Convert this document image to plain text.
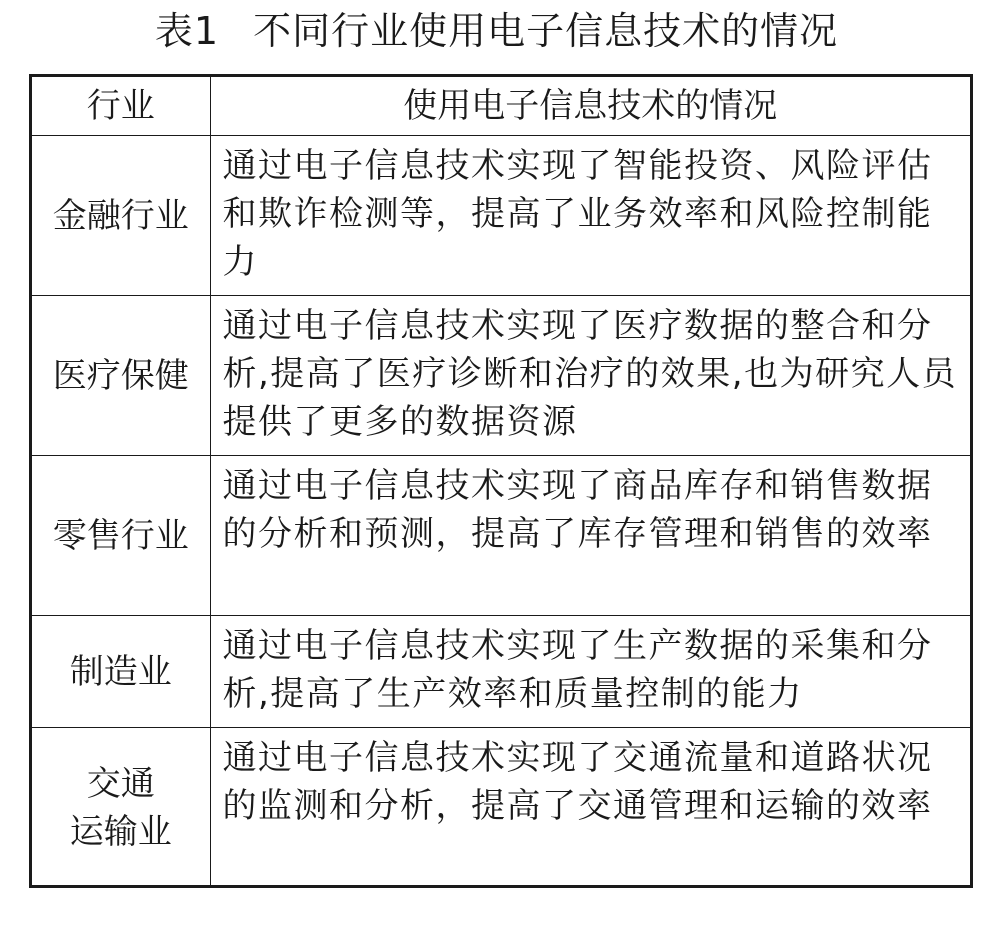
表1 不同行业使用电子信息技术的情况
行业	使用电子信息技术的情况
金融行业	通过电子信息技术实现了智能投资、风险评估和欺诈检测等，提高了业务效率和风险控制能力
医疗保健	通过电子信息技术实现了医疗数据的整合和分析,提高了医疗诊断和治疗的效果,也为研究人员提供了更多的数据资源
零售行业	通过电子信息技术实现了商品库存和销售数据的分析和预测，提高了库存管理和销售的效率
制造业	通过电子信息技术实现了生产数据的采集和分析,提高了生产效率和质量控制的能力

交通
运输业	通过电子信息技术实现了交通流量和道路状况的监测和分析，提高了交通管理和运输的效率
